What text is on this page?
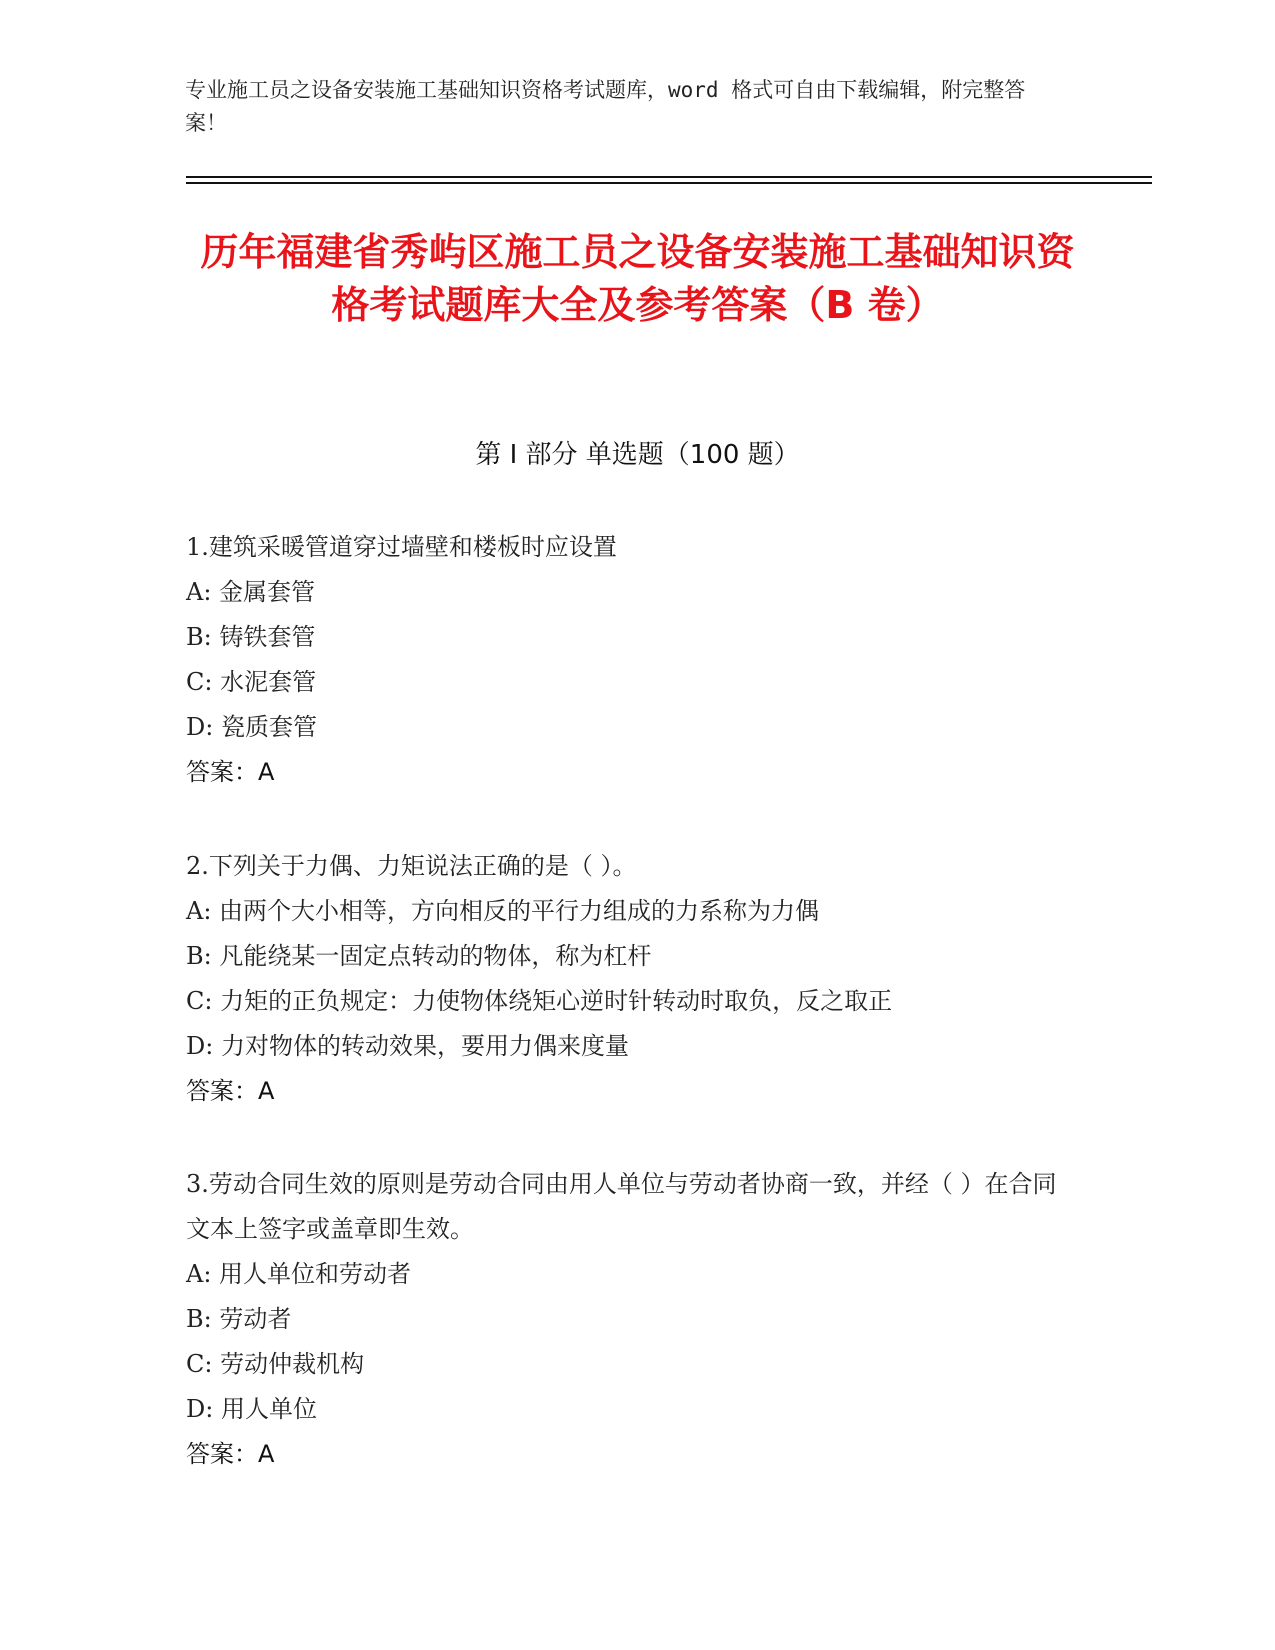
专业施工员之设备安装施工基础知识资格考试题库，word 格式可自由下载编辑，附完整答案！
历年福建省秀屿区施工员之设备安装施工基础知识资格考试题库大全及参考答案（B 卷）
第 I 部分 单选题（100 题）
1.建筑采暖管道穿过墙壁和楼板时应设置
A: 金属套管
B: 铸铁套管
C: 水泥套管
D: 瓷质套管
答案：A
2.下列关于力偶、力矩说法正确的是（ ）。
A: 由两个大小相等，方向相反的平行力组成的力系称为力偶
B: 凡能绕某一固定点转动的物体，称为杠杆
C: 力矩的正负规定：力使物体绕矩心逆时针转动时取负，反之取正
D: 力对物体的转动效果，要用力偶来度量
答案：A
3.劳动合同生效的原则是劳动合同由用人单位与劳动者协商一致，并经（ ）在合同文本上签字或盖章即生效。
A: 用人单位和劳动者
B: 劳动者
C: 劳动仲裁机构
D: 用人单位
答案：A
